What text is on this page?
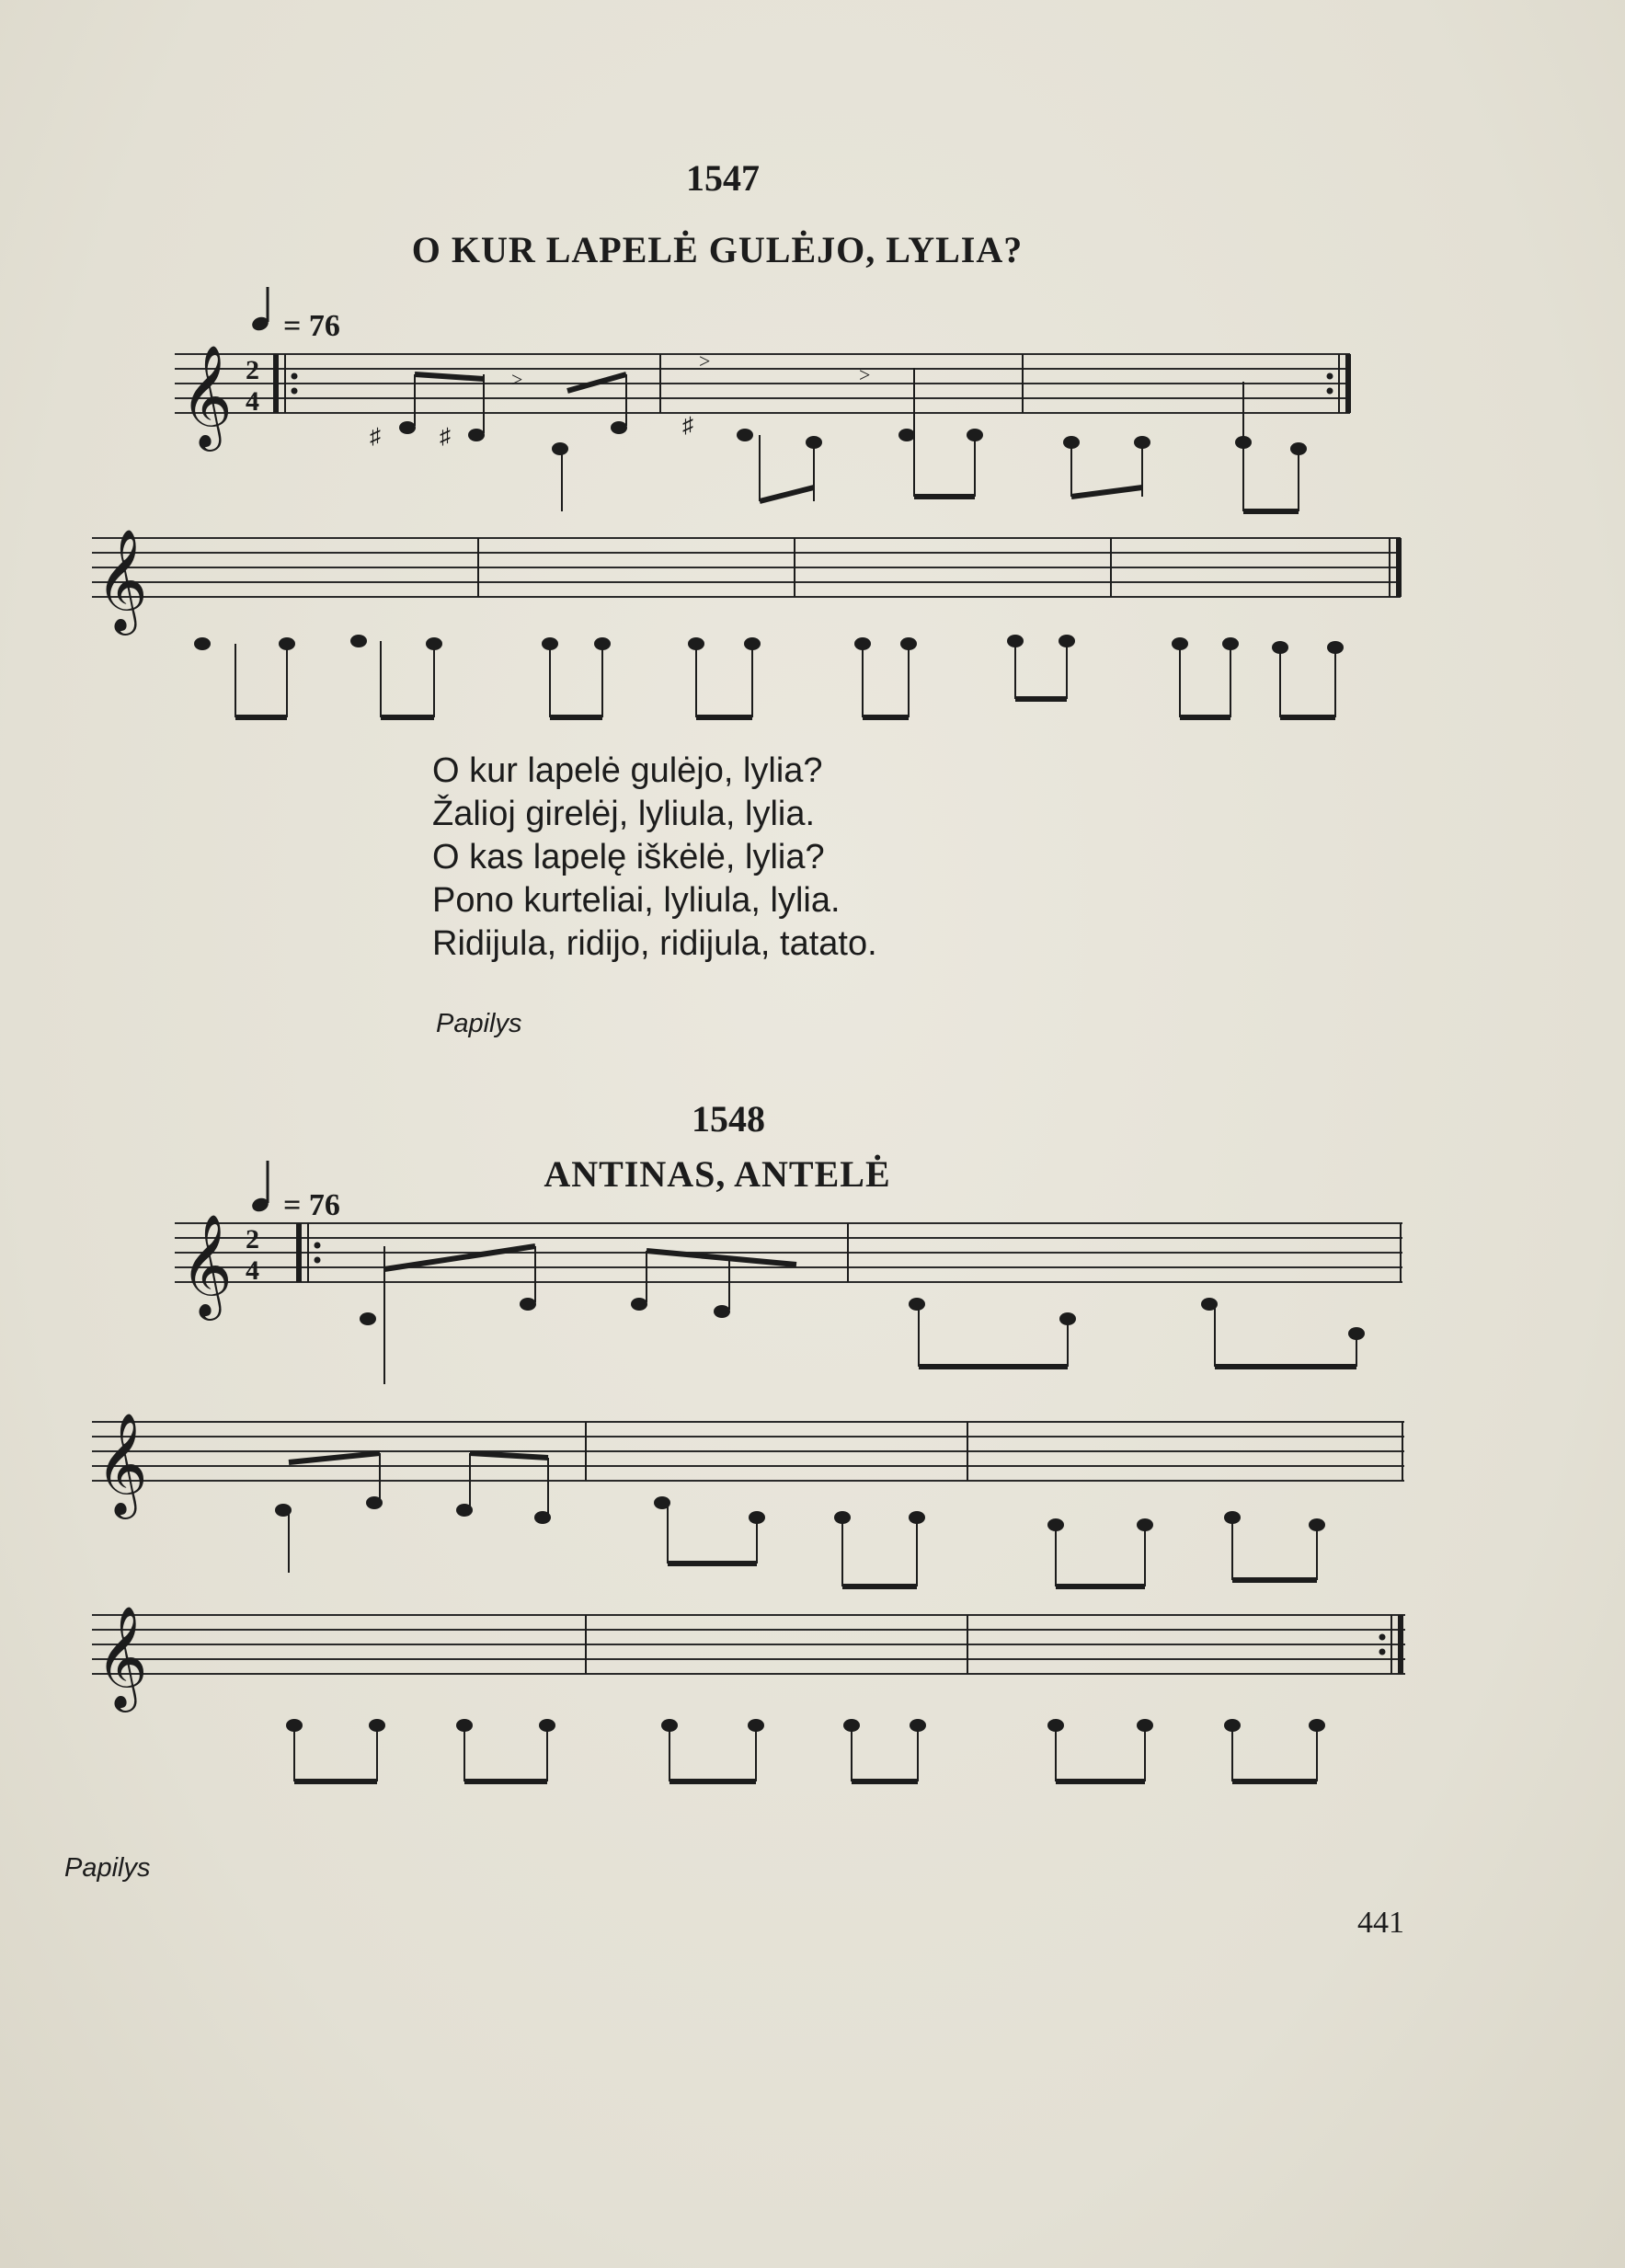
1547
O KUR LAPELĖ GULĖJO, LYLIA?
= 76
1548
ANTINAS, ANTELĖ
= 76
O kur lapelė gulėjo, lylia?
Žalioj girelėj, lyliula, lylia.
O kas lapelę iškėlė, lylia?
Pono kurteliai, lyliula, lylia.
Ridijula, ridijo, ridijula, tatato.
Papilys
Papilys
441
𝄞
𝄞
𝄞
𝄞
𝄞
2
4
2
4
♯	♯
>
>
♯
>
